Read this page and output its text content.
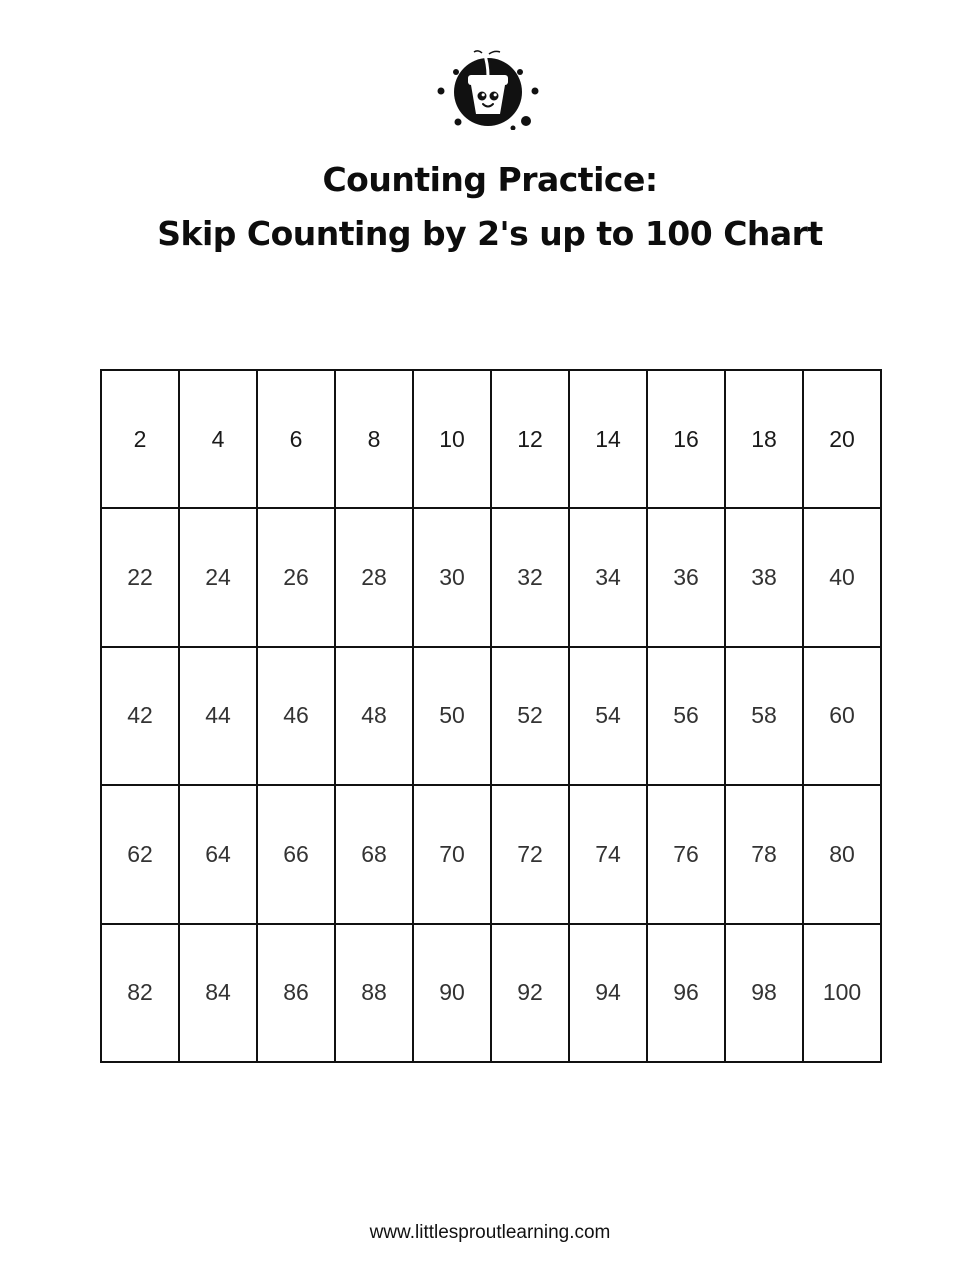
Counting Practice:
Skip Counting by 2's up to 100 Chart
2	4	6	8	10	12	14	16	18	20
22	24	26	28	30	32	34	36	38	40
42	44	46	48	50	52	54	56	58	60
62	64	66	68	70	72	74	76	78	80
82	84	86	88	90	92	94	96	98	100
www.littlesproutlearning.com
